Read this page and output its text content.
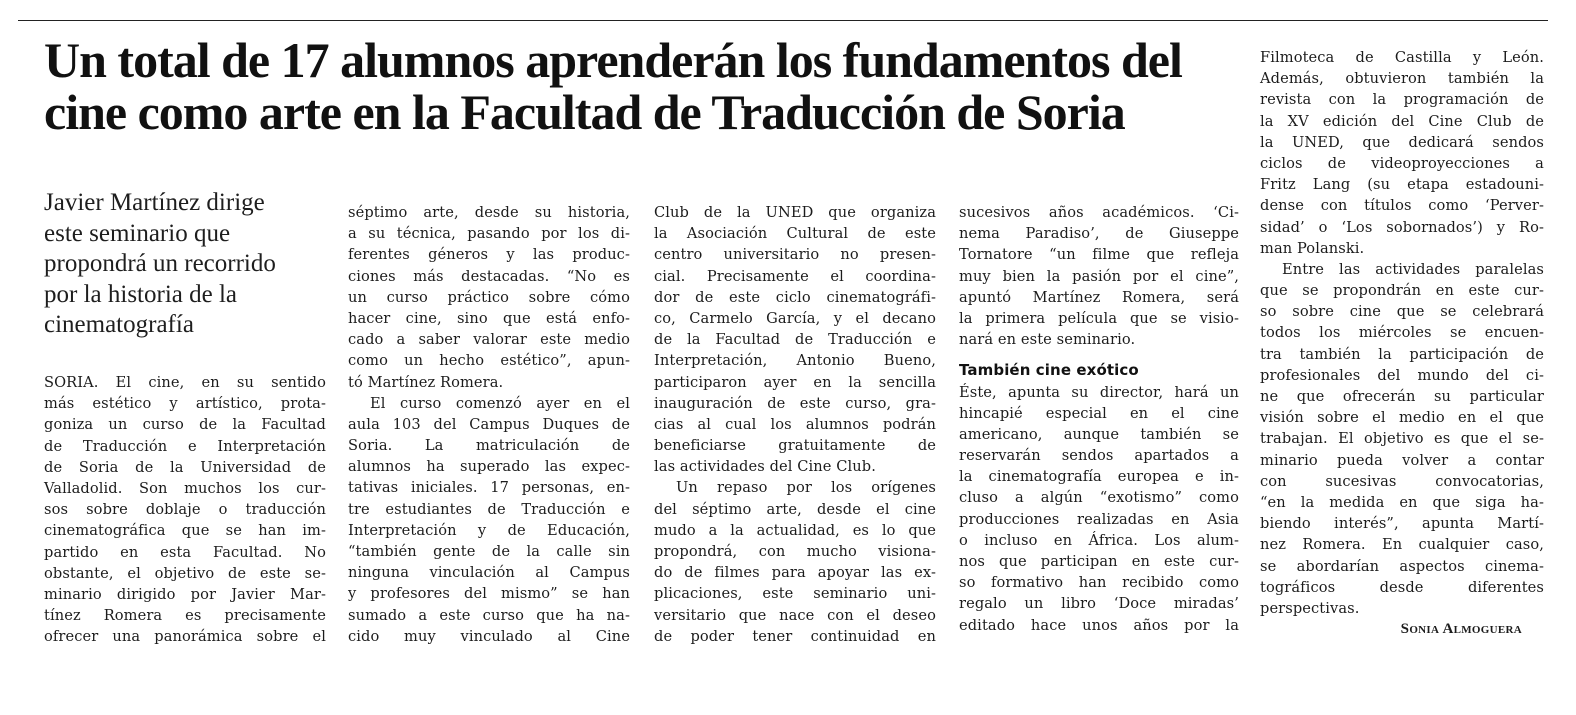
Un total de 17 alumnos aprenderán los fundamentos del
cine como arte en la Facultad de Traducción de Soria
Javier Martínez dirige
este seminario que
propondrá un recorrido
por la historia de la
cinematografía
SORIA. El cine, en su sentido
más estético y artístico, prota-
goniza un curso de la Facultad
de Traducción e Interpretación
de Soria de la Universidad de
Valladolid. Son muchos los cur-
sos sobre doblaje o traducción
cinematográfica que se han im-
partido en esta Facultad. No
obstante, el objetivo de este se-
minario dirigido por Javier Mar-
tínez Romera es precisamente
ofrecer una panorámica sobre el
séptimo arte, desde su historia,
a su técnica, pasando por los di-
ferentes géneros y las produc-
ciones más destacadas. “No es
un curso práctico sobre cómo
hacer cine, sino que está enfo-
cado a saber valorar este medio
como un hecho estético”, apun-
tó Martínez Romera.
El curso comenzó ayer en el
aula 103 del Campus Duques de
Soria. La matriculación de
alumnos ha superado las expec-
tativas iniciales. 17 personas, en-
tre estudiantes de Traducción e
Interpretación y de Educación,
“también gente de la calle sin
ninguna vinculación al Campus
y profesores del mismo” se han
sumado a este curso que ha na-
cido muy vinculado al Cine
Club de la UNED que organiza
la Asociación Cultural de este
centro universitario no presen-
cial. Precisamente el coordina-
dor de este ciclo cinematográfi-
co, Carmelo García, y el decano
de la Facultad de Traducción e
Interpretación, Antonio Bueno,
participaron ayer en la sencilla
inauguración de este curso, gra-
cias al cual los alumnos podrán
beneficiarse gratuitamente de
las actividades del Cine Club.
Un repaso por los orígenes
del séptimo arte, desde el cine
mudo a la actualidad, es lo que
propondrá, con mucho visiona-
do de filmes para apoyar las ex-
plicaciones, este seminario uni-
versitario que nace con el deseo
de poder tener continuidad en
sucesivos años académicos. ‘Ci-
nema Paradiso’, de Giuseppe
Tornatore “un filme que refleja
muy bien la pasión por el cine”,
apuntó Martínez Romera, será
la primera película que se visio-
nará en este seminario.
También cine exótico
Éste, apunta su director, hará un
hincapié especial en el cine
americano, aunque también se
reservarán sendos apartados a
la cinematografía europea e in-
cluso a algún “exotismo” como
producciones realizadas en Asia
o incluso en África. Los alum-
nos que participan en este cur-
so formativo han recibido como
regalo un libro ‘Doce miradas’
editado hace unos años por la
Filmoteca de Castilla y León.
Además, obtuvieron también la
revista con la programación de
la XV edición del Cine Club de
la UNED, que dedicará sendos
ciclos de videoproyecciones a
Fritz Lang (su etapa estadouni-
dense con títulos como ‘Perver-
sidad’ o ‘Los sobornados’) y Ro-
man Polanski.
Entre las actividades paralelas
que se propondrán en este cur-
so sobre cine que se celebrará
todos los miércoles se encuen-
tra también la participación de
profesionales del mundo del ci-
ne que ofrecerán su particular
visión sobre el medio en el que
trabajan. El objetivo es que el se-
minario pueda volver a contar
con sucesivas convocatorias,
“en la medida en que siga ha-
biendo interés”, apunta Martí-
nez Romera. En cualquier caso,
se abordarían aspectos cinema-
tográficos desde diferentes
perspectivas.
Sonia Almoguera
